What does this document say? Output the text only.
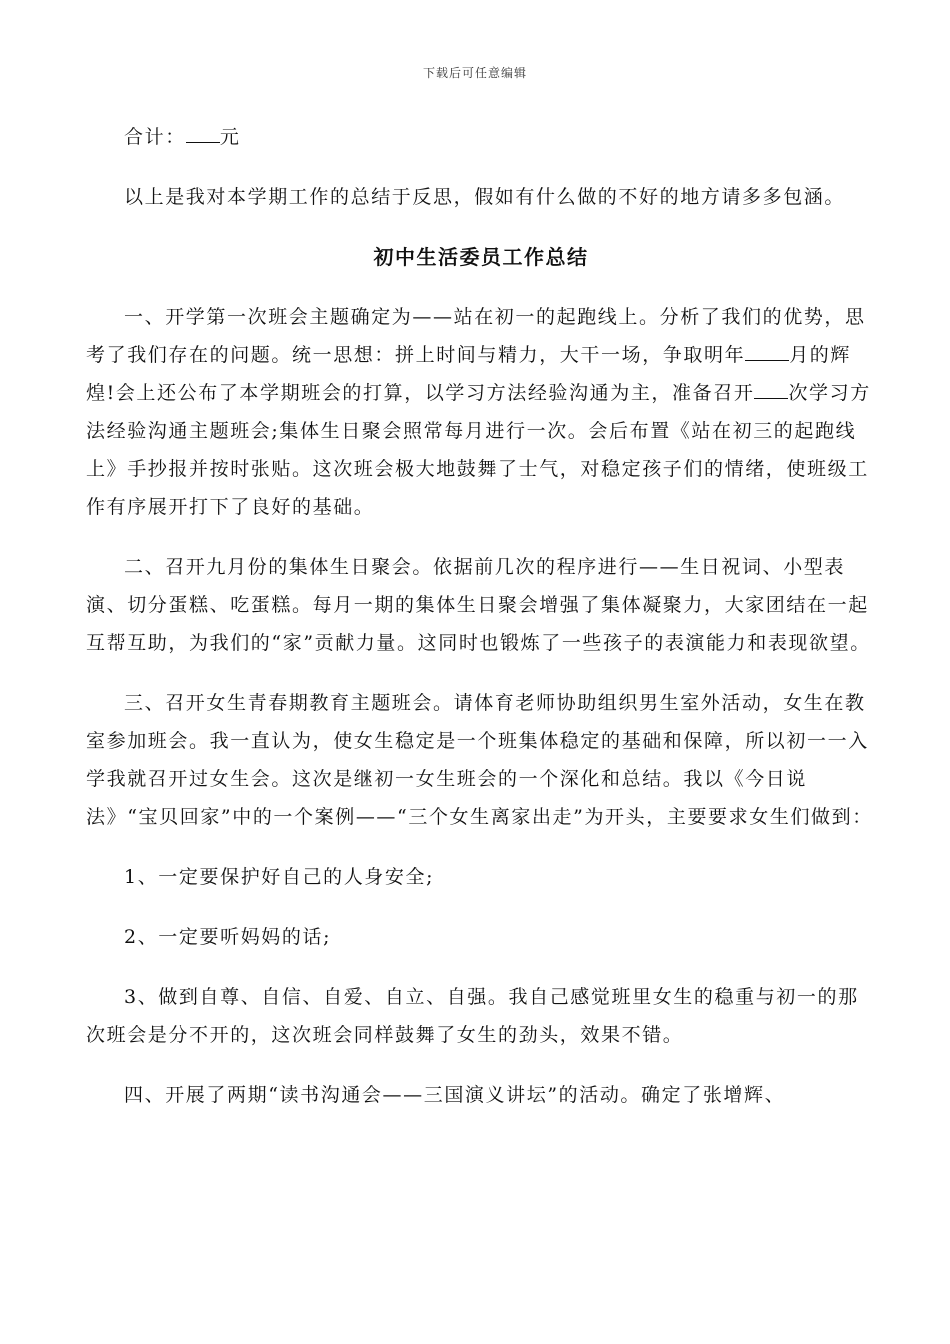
下载后可任意编辑

合计： 元

以上是我对本学期工作的总结于反思，假如有什么做的不好的地方请多多包涵。

初中生活委员工作总结

一、开学第一次班会主题确定为——站在初一的起跑线上。分析了我们的优势，思考了我们存在的问题。统一思想：拼上时间与精力，大干一场，争取明年 月的辉煌!会上还公布了本学期班会的打算，以学习方法经验沟通为主，准备召开 次学习方法经验沟通主题班会;集体生日聚会照常每月进行一次。会后布置《站在初三的起跑线上》手抄报并按时张贴。这次班会极大地鼓舞了士气，对稳定孩子们的情绪，使班级工作有序展开打下了良好的基础。

二、召开九月份的集体生日聚会。依据前几次的程序进行——生日祝词、小型表演、切分蛋糕、吃蛋糕。每月一期的集体生日聚会增强了集体凝聚力，大家团结在一起互帮互助，为我们的“家”贡献力量。这同时也锻炼了一些孩子的表演能力和表现欲望。

三、召开女生青春期教育主题班会。请体育老师协助组织男生室外活动，女生在教室参加班会。我一直认为，使女生稳定是一个班集体稳定的基础和保障，所以初一一入学我就召开过女生会。这次是继初一女生班会的一个深化和总结。我以《今日说法》“宝贝回家”中的一个案例——“三个女生离家出走”为开头，主要要求女生们做到：

1、一定要保护好自己的人身安全;

2、一定要听妈妈的话;

3、做到自尊、自信、自爱、自立、自强。我自己感觉班里女生的稳重与初一的那次班会是分不开的，这次班会同样鼓舞了女生的劲头，效果不错。

四、开展了两期“读书沟通会——三国演义讲坛”的活动。确定了张增辉、
